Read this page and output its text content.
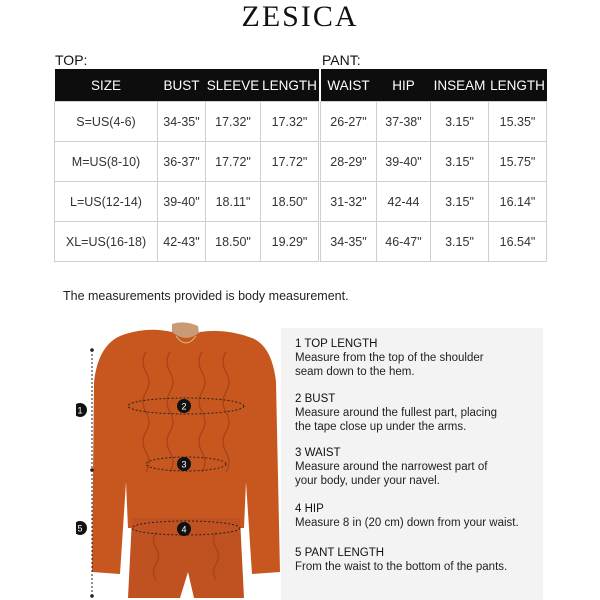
ZESICA
TOP:	PANT:
SIZE	BUST	SLEEVE	LENGTH
S=US(4-6)	34-35"	17.32"	17.32"
M=US(8-10)	36-37"	17.72"	17.72"
L=US(12-14)	39-40"	18.11"	18.50"
XL=US(16-18)	42-43"	18.50"	19.29"
WAIST	HIP	INSEAM	LENGTH
26-27"	37-38"	3.15"	15.35"
28-29"	39-40"	3.15"	15.75"
31-32"	42-44	3.15"	16.14"
34-35"	46-47"	3.15"	16.54"
The measurements provided is body measurement.
1	2
3
4
5
1 TOP LENGTH
Measure from the top of the shoulder
seam down to the hem.
2 BUST
Measure around the fullest part, placing
the tape close up under the arms.
3 WAIST
Measure around the narrowest part of
your body, under your navel.
4 HIP
Measure 8 in (20 cm) down from your waist.
5 PANT LENGTH
From the waist to the bottom of the pants.
